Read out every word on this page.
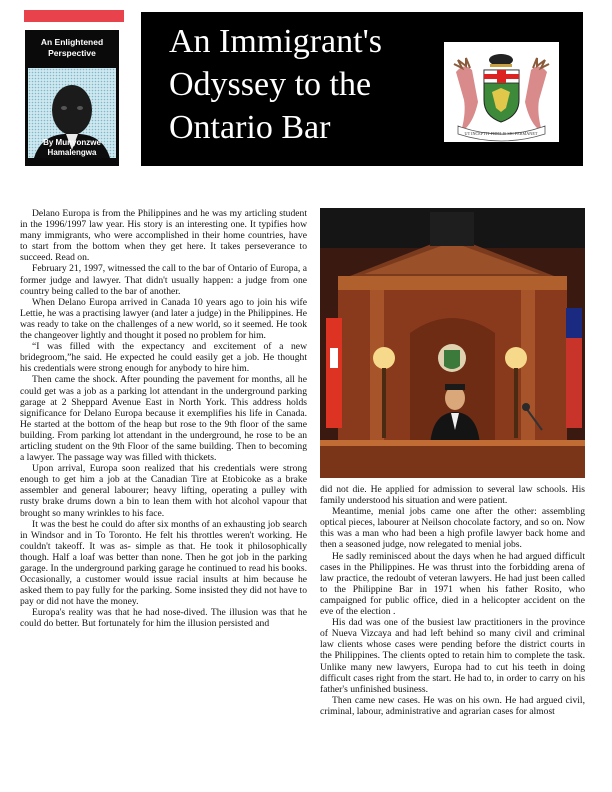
An Enlightened Perspective
By Munyonzwe Hamalengwa
An Immigrant's Odyssey to the Ontario Bar	UT INCEPTIT FIDELIS SIC PERMANET

Delano Europa is from the Philippines and he was my articling student in the 1996/1997 law year. His story is an interesting one. It typifies how many immigrants, who were accomplished in their home countries, have to start from the bottom when they get here. It takes perseverance to succeed. Read on.

February 21, 1997, witnessed the call to the bar of Ontario of Europa, a former judge and lawyer. That didn't usually happen: a judge from one country being called to the bar of another.

When Delano Europa arrived in Canada 10 years ago to join his wife Lettie, he was a practising lawyer (and later a judge) in the Philippines. He was ready to take on the challenges of a new world, so it seemed. He took the changeover lightly and thought it posed no problem for him.

“I was filled with the expectancy and excitement of a new bridegroom,”he said. He expected he could easily get a job. He thought his credentials were strong enough for anybody to hire him.

Then came the shock. After pounding the pavement for months, all he could get was a job as a parking lot attendant in the underground parking garage at 2 Sheppard Avenue East in North York. This address holds significance for Delano Europa because it exemplifies his life in Canada. He started at the bottom of the heap but rose to the 9th floor of the same building. From parking lot attendant in the underground, he rose to be an articling student on the 9th Floor of the same building. Then to becoming a lawyer. The passage way was filled with thickets.

Upon arrival, Europa soon realized that his credentials were strong enough to get him a job at the Canadian Tire at Etobicoke as a brake assembler and general labourer; heavy lifting, operating a pulley with rusty brake drums down a bin to lean them with hot alcohol vapour that brought so many wrinkles to his face.

It was the best he could do after six months of an exhausting job search in Windsor and in To Toronto. He felt his throttles weren't working. He couldn't takeoff. It was as- simple as that. He took it philosophically though. Half a loaf was better than none. Then he got job in the parking garage. In the underground parking garage he continued to read his books. Occasionally, a customer would issue racial insults at him because he asked them to pay fully for the parking. Some insisted they did not have to pay or did not have the money.

Europa's reality was that he had nose-dived. The illusion was that he could do better. But fortunately for him the illusion persisted and

did not die. He applied for admission to several law schools. His family understood his situation and were patient.

Meantime, menial jobs came one after the other: assembling optical pieces, labourer at Neilson chocolate factory, and so on. Now this was a man who had been a high profile lawyer back home and then a seasoned judge, now relegated to menial jobs.

He sadly reminisced about the days when he had argued difficult cases in the Philippines. He was thrust into the forbidding arena of law practice, the redoubt of veteran lawyers. He had just been called to the Philippine Bar in 1971 when his father Rosito, who campaigned for public office, died in a helicopter accident on the eve of the election .

His dad was one of the busiest law practitioners in the province of Nueva Vizcaya and had left behind so many civil and criminal law clients whose cases were pending before the district courts in the Philippines. The clients opted to retain him to complete the task. Unlike many new lawyers, Europa had to cut his teeth in doing difficult cases right from the start. He had to, in order to carry on his father's unfinished business.

Then came new cases. He was on his own. He had argued civil, criminal, labour, administrative and agrarian cases for almost
